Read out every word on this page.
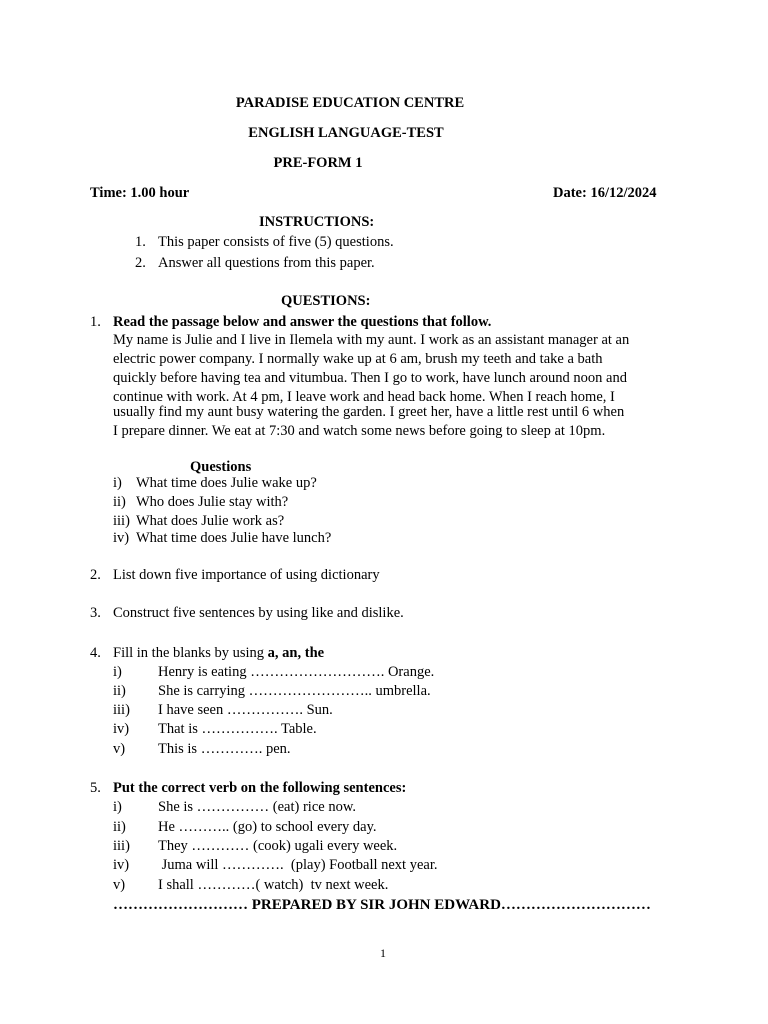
PARADISE EDUCATION CENTRE
ENGLISH LANGUAGE-TEST
PRE-FORM 1
Time: 1.00 hour	Date: 16/12/2024
INSTRUCTIONS:
1. This paper consists of five (5) questions.
2. Answer all questions from this paper.
QUESTIONS:
1. Read the passage below and answer the questions that follow.
My name is Julie and I live in Ilemela with my aunt. I work as an assistant manager at an
electric power company. I normally wake up at 6 am, brush my teeth and take a bath
quickly before having tea and vitumbua. Then I go to work, have lunch around noon and
continue with work. At 4 pm, I leave work and head back home. When I reach home, I
usually find my aunt busy watering the garden. I greet her, have a little rest until 6 when
I prepare dinner. We eat at 7:30 and watch some news before going to sleep at 10pm.
Questions
i) What time does Julie wake up?
ii) Who does Julie stay with?
iii) What does Julie work as?
iv) What time does Julie have lunch?
2. List down five importance of using dictionary
3. Construct five sentences by using like and dislike.
4. Fill in the blanks by using a, an, the
i) Henry is eating ………………………. Orange.
ii) She is carrying …………………….. umbrella.
iii) I have seen ……………. Sun.
iv) That is ……………. Table.
v) This is …………. pen.
5. Put the correct verb on the following sentences:
i) She is …………… (eat) rice now.
ii) He ……….. (go) to school every day.
iii) They ………… (cook) ugali every week.
iv) Juma will ………….  (play) Football next year.
v) I shall …………( watch)  tv next week.
……………………… PREPARED BY SIR JOHN EDWARD…………………………
1
